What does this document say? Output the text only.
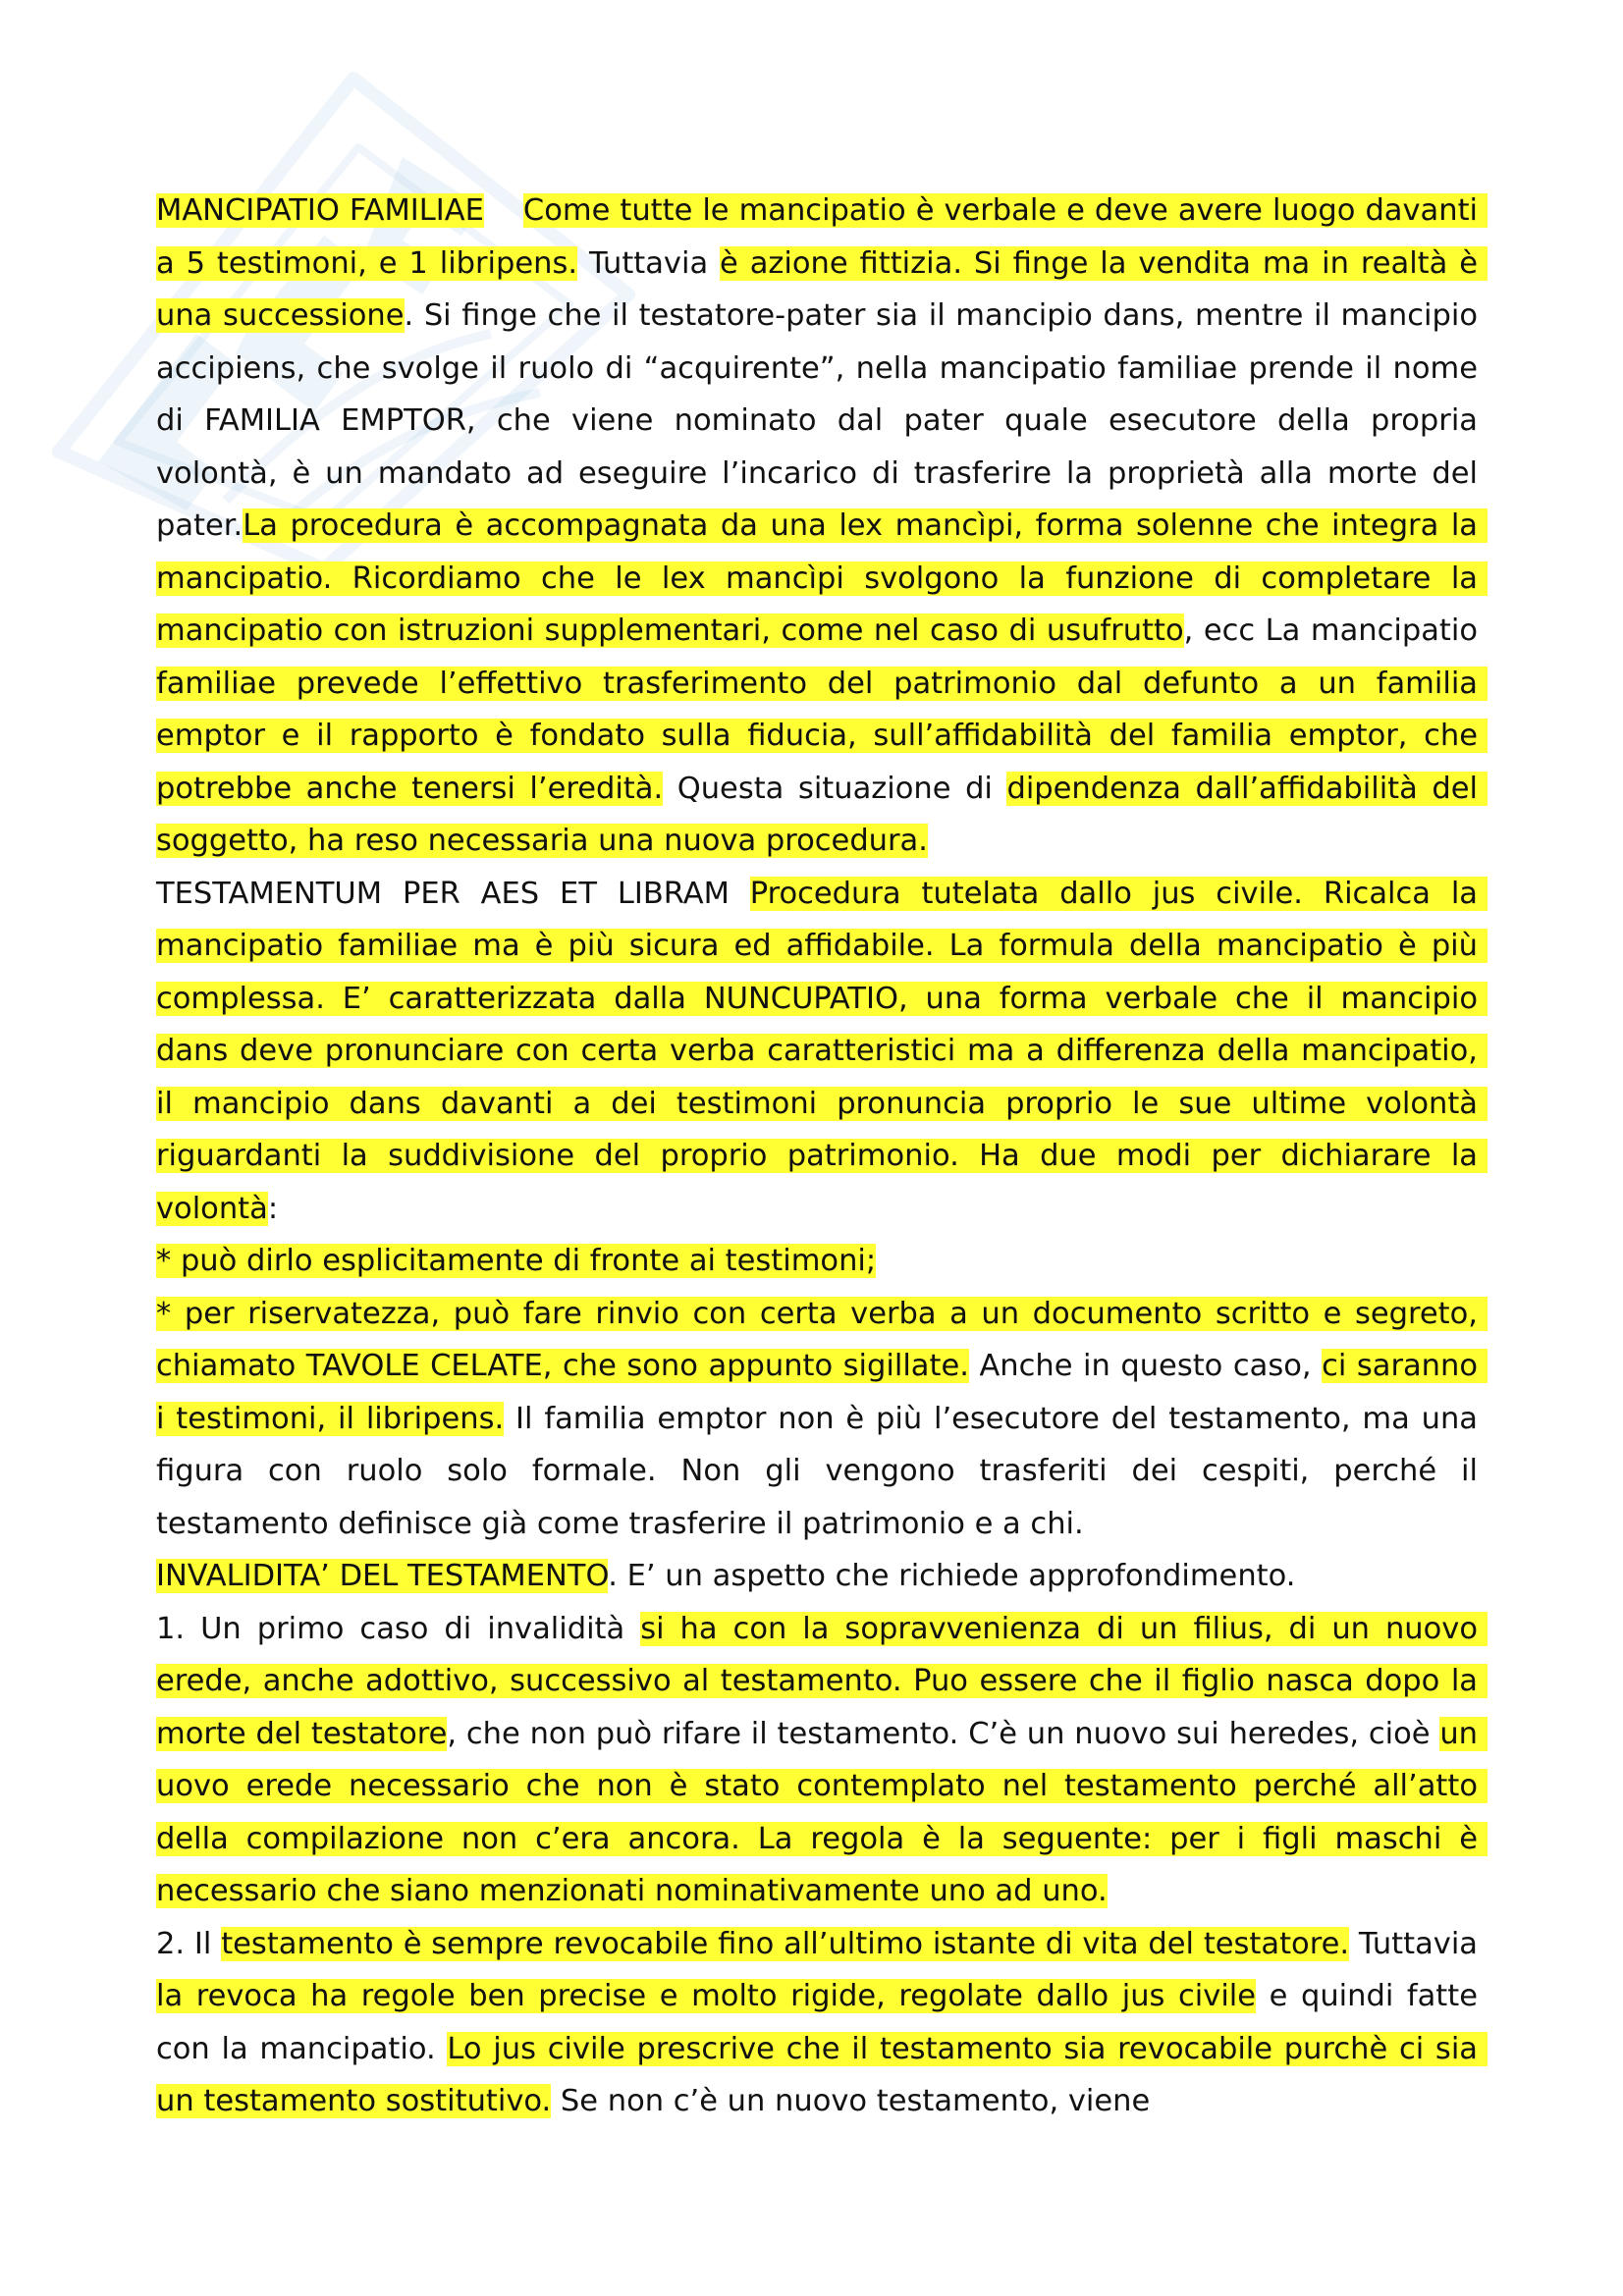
MANCIPATIO FAMILIAE Come tutte le mancipatio è verbale e deve avere luogo davanti a 5 testimoni, e 1 libripens. Tuttavia è azione fittizia. Si finge la vendita ma in realtà è una successione. Si finge che il testatore-pater sia il mancipio dans, mentre il mancipio accipiens, che svolge il ruolo di “acquirente”, nella mancipatio familiae prende il nome di FAMILIA EMPTOR, che viene nominato dal pater quale esecutore della propria volontà, è un mandato ad eseguire l’incarico di trasferire la proprietà alla morte del pater.La procedura è accompagnata da una lex mancìpi, forma solenne che integra la mancipatio. Ricordiamo che le lex mancìpi svolgono la funzione di completare la mancipatio con istruzioni supplementari, come nel caso di usufrutto, ecc La mancipatio familiae prevede l’effettivo trasferimento del patrimonio dal defunto a un familia emptor e il rapporto è fondato sulla fiducia, sull’affidabilità del familia emptor, che potrebbe anche tenersi l’eredità. Questa situazione di dipendenza dall’affidabilità del soggetto, ha reso necessaria una nuova procedura.

TESTAMENTUM PER AES ET LIBRAM Procedura tutelata dallo jus civile. Ricalca la mancipatio familiae ma è più sicura ed affidabile. La formula della mancipatio è più complessa. E’ caratterizzata dalla NUNCUPATIO, una forma verbale che il mancipio dans deve pronunciare con certa verba caratteristici ma a differenza della mancipatio, il mancipio dans davanti a dei testimoni pronuncia proprio le sue ultime volontà riguardanti la suddivisione del proprio patrimonio. Ha due modi per dichiarare la volontà:

* può dirlo esplicitamente di fronte ai testimoni;

* per riservatezza, può fare rinvio con certa verba a un documento scritto e segreto, chiamato TAVOLE CELATE, che sono appunto sigillate. Anche in questo caso, ci saranno i testimoni, il libripens. Il familia emptor non è più l’esecutore del testamento, ma una figura con ruolo solo formale. Non gli vengono trasferiti dei cespiti, perché il testamento definisce già come trasferire il patrimonio e a chi.

INVALIDITA’ DEL TESTAMENTO. E’ un aspetto che richiede approfondimento.

1. Un primo caso di invalidità si ha con la sopravvenienza di un filius, di un nuovo erede, anche adottivo, successivo al testamento. Puo essere che il figlio nasca dopo la morte del testatore, che non può rifare il testamento. C’è un nuovo sui heredes, cioè un uovo erede necessario che non è stato contemplato nel testamento perché all’atto della compilazione non c’era ancora. La regola è la seguente: per i figli maschi è necessario che siano menzionati nominativamente uno ad uno.

2. Il testamento è sempre revocabile fino all’ultimo istante di vita del testatore. Tuttavia la revoca ha regole ben precise e molto rigide, regolate dallo jus civile e quindi fatte con la mancipatio. Lo jus civile prescrive che il testamento sia revocabile purchè ci sia un testamento sostitutivo. Se non c’è un nuovo testamento, viene
